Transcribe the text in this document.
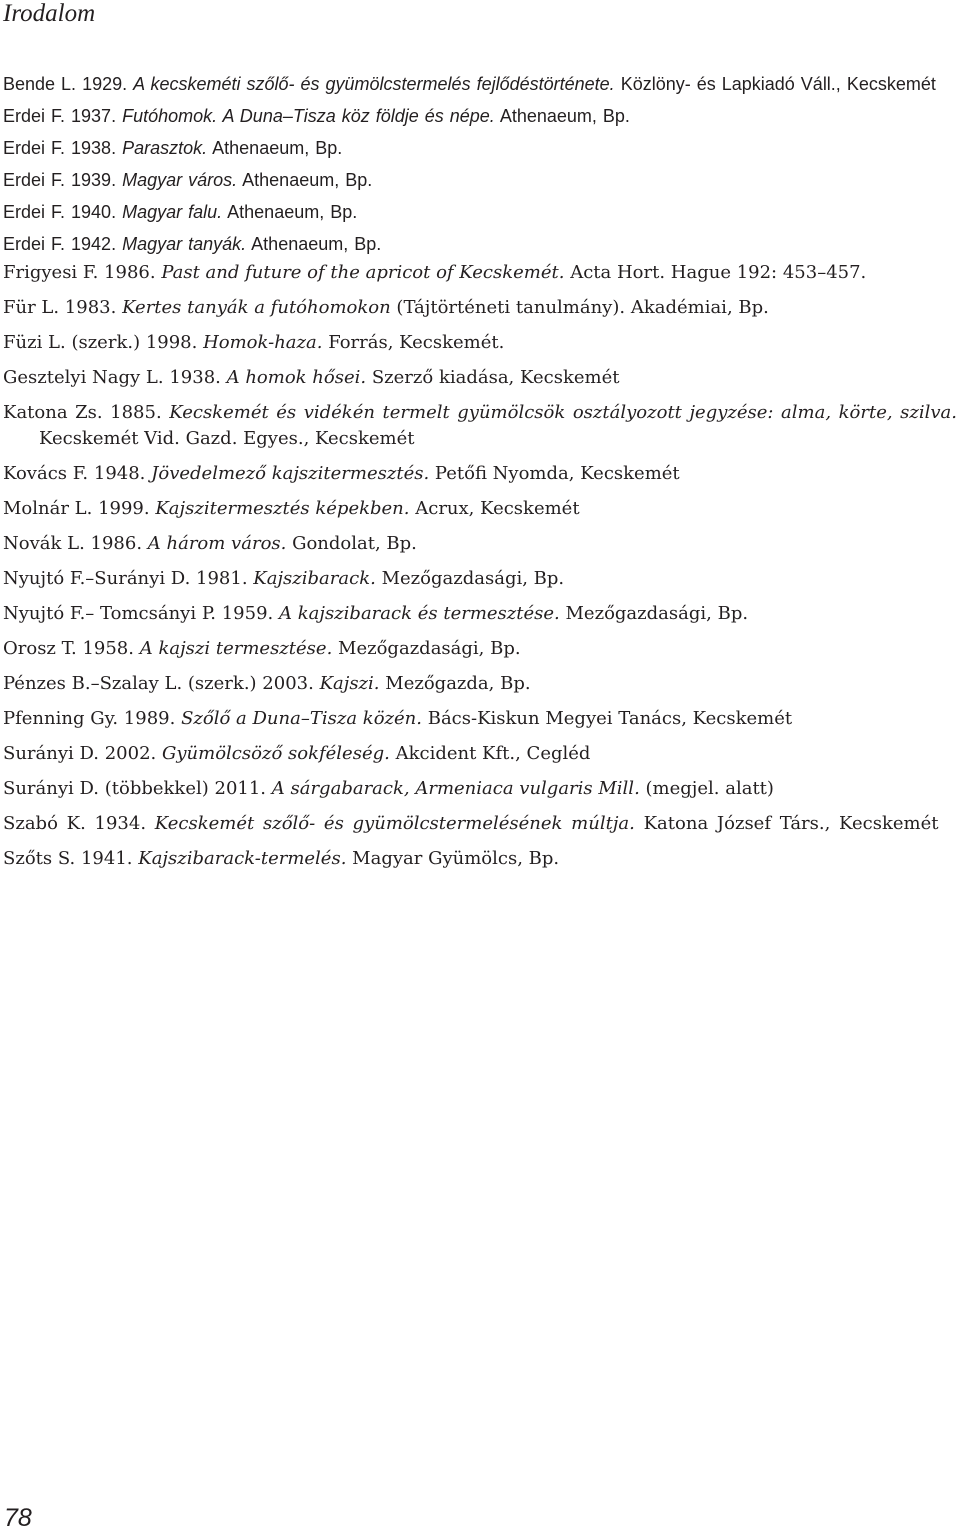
Irodalom
Bende L. 1929. A kecskeméti szőlő- és gyümölcstermelés fejlődéstörténete. Közlöny- és Lapkiadó Váll., Kecskemét
Erdei F. 1937. Futóhomok. A Duna–Tisza köz földje és népe. Athenaeum, Bp.
Erdei F. 1938. Parasztok. Athenaeum, Bp.
Erdei F. 1939. Magyar város. Athenaeum, Bp.
Erdei F. 1940. Magyar falu. Athenaeum, Bp.
Erdei F. 1942. Magyar tanyák. Athenaeum, Bp.
Frigyesi F. 1986. Past and future of the apricot of Kecskemét. Acta Hort. Hague 192: 453–457.
Für L. 1983. Kertes tanyák a futóhomokon (Tájtörténeti tanulmány). Akadémiai, Bp.
Füzi L. (szerk.) 1998. Homok-haza. Forrás, Kecskemét.
Gesztelyi Nagy L. 1938. A homok hősei. Szerző kiadása, Kecskemét
Katona Zs. 1885. Kecskemét és vidékén termelt gyümölcsök osztályozott jegyzése: alma, körte, szilva. Kecskemét Vid. Gazd. Egyes., Kecskemét
Kovács F. 1948. Jövedelmező kajszitermesztés. Petőfi Nyomda, Kecskemét
Molnár L. 1999. Kajszitermesztés képekben. Acrux, Kecskemét
Novák L. 1986. A három város. Gondolat, Bp.
Nyujtó F.–Surányi D. 1981. Kajszibarack. Mezőgazdasági, Bp.
Nyujtó F.– Tomcsányi P. 1959. A kajszibarack és termesztése. Mezőgazdasági, Bp.
Orosz T. 1958. A kajszi termesztése. Mezőgazdasági, Bp.
Pénzes B.–Szalay L. (szerk.) 2003. Kajszi. Mezőgazda, Bp.
Pfenning Gy. 1989. Szőlő a Duna–Tisza közén. Bács-Kiskun Megyei Tanács, Kecskemét
Surányi D. 2002. Gyümölcsöző sokféleség. Akcident Kft., Cegléd
Surányi D. (többekkel) 2011. A sárgabarack, Armeniaca vulgaris Mill. (megjel. alatt)
Szabó K. 1934. Kecskemét szőlő- és gyümölcstermelésének múltja. Katona József Társ., Kecskemét
Szőts S. 1941. Kajszibarack-termelés. Magyar Gyümölcs, Bp.
78
